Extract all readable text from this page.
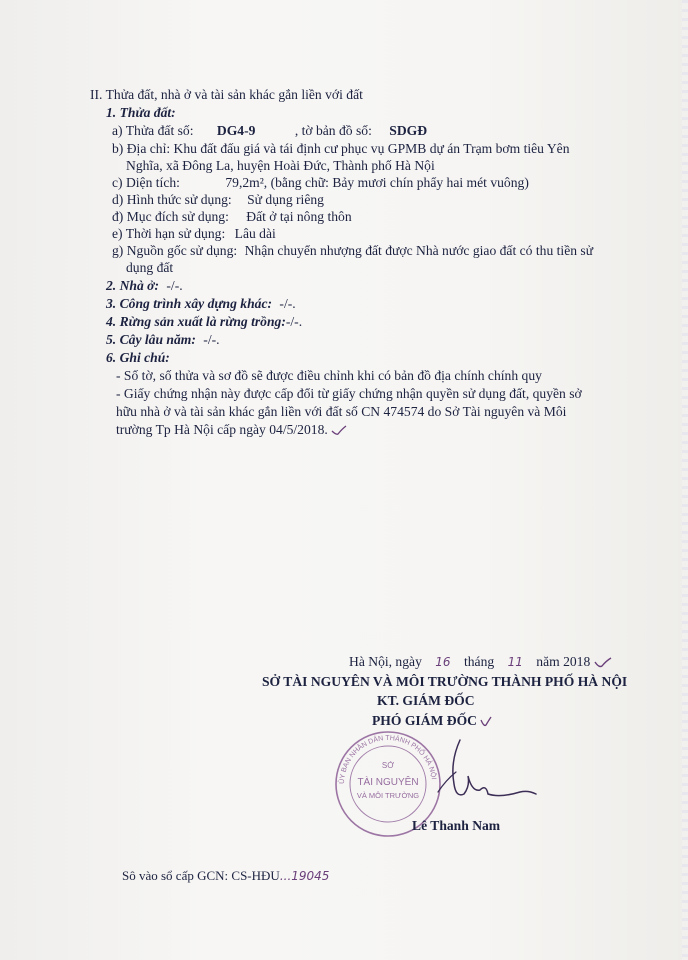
II. Thửa đất, nhà ở và tài sản khác gắn liền với đất
1. Thửa đất:
a) Thửa đất số: DG4-9	, tờ bản đồ số: SDGĐ
b) Địa chỉ: Khu đất đấu giá và tái định cư phục vụ GPMB dự án Trạm bơm tiêu Yên
Nghĩa, xã Đông La, huyện Hoài Đức, Thành phố Hà Nội
c) Diện tích:	79,2m², (bằng chữ: Bảy mươi chín phẩy hai mét vuông)
d) Hình thức sử dụng: Sử dụng riêng
đ) Mục đích sử dụng: Đất ở tại nông thôn
e) Thời hạn sử dụng: Lâu dài
g) Nguồn gốc sử dụng: Nhận chuyển nhượng đất được Nhà nước giao đất có thu tiền sử
dụng đất
2. Nhà ở: -/-.
3. Công trình xây dựng khác: -/-.
4. Rừng sản xuất là rừng trồng:-/-.
5. Cây lâu năm: -/-.
6. Ghi chú:
- Số tờ, số thửa và sơ đồ sẽ được điều chỉnh khi có bản đồ địa chính chính quy
- Giấy chứng nhận này được cấp đổi từ giấy chứng nhận quyền sử dụng đất, quyền sở
hữu nhà ở và tài sản khác gắn liền với đất số CN 474574 do Sở Tài nguyên và Môi
trường Tp Hà Nội cấp ngày 04/5/2018.
Hà Nội, ngày 16 tháng 11 năm 2018
SỞ TÀI NGUYÊN VÀ MÔI TRƯỜNG THÀNH PHỐ HÀ NỘI
KT. GIÁM ĐỐC
PHÓ GIÁM ĐỐC
ỦY BAN NHÂN DÂN THÀNH PHỐ HÀ NỘI
SỞ
TÀI NGUYÊN
VÀ MÔI TRƯỜNG
Lê Thanh Nam
Sô vào sổ cấp GCN: CS-HĐU...19045
